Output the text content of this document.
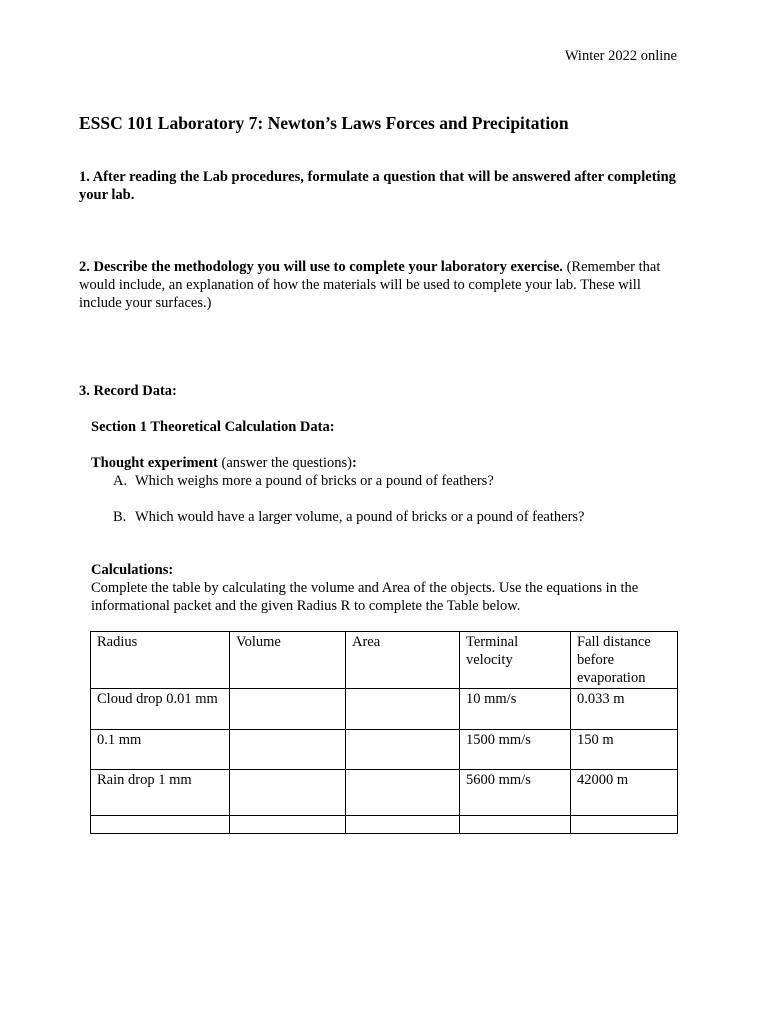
Winter 2022 online
ESSC 101 Laboratory 7: Newton’s Laws Forces and Precipitation
1. After reading the Lab procedures, formulate a question that will be answered after completing your lab.
2. Describe the methodology you will use to complete your laboratory exercise. (Remember that would include, an explanation of how the materials will be used to complete your lab. These will include your surfaces.)
3. Record Data:
Section 1 Theoretical Calculation Data:
Thought experiment (answer the questions):
A. Which weighs more a pound of bricks or a pound of feathers?
B. Which would have a larger volume, a pound of bricks or a pound of feathers?
Calculations:
Complete the table by calculating the volume and Area of the objects. Use the equations in the informational packet and the given Radius R to complete the Table below.
Radius	Volume	Area	Terminal velocity	Fall distance before evaporation
Cloud drop 0.01 mm			10 mm/s	0.033 m
0.1 mm			1500 mm/s	150 m
Rain drop 1 mm			5600 mm/s	42000 m
